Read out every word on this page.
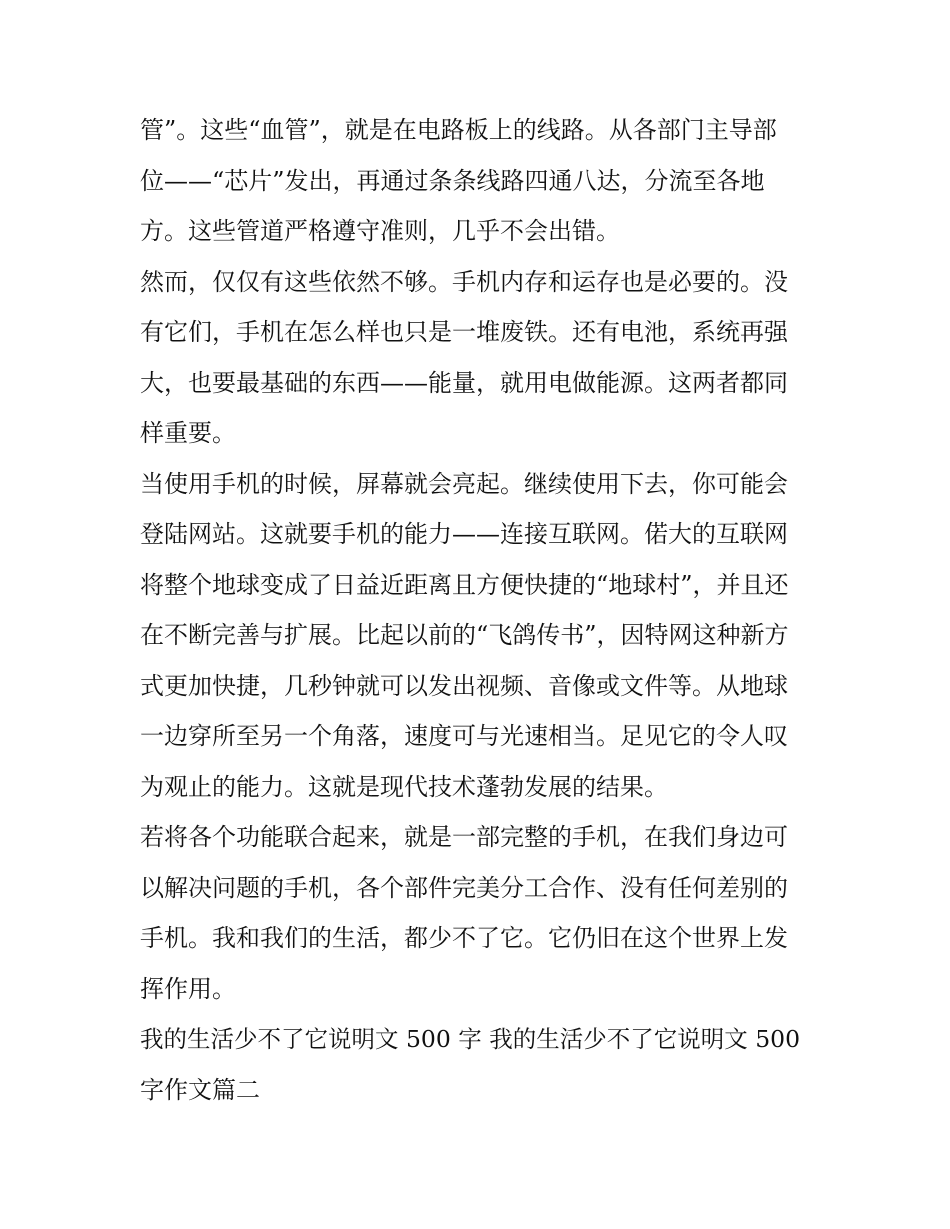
管”。这些“血管”，就是在电路板上的线路。从各部门主导部

位——“芯片”发出，再通过条条线路四通八达，分流至各地

方。这些管道严格遵守准则，几乎不会出错。

然而，仅仅有这些依然不够。手机内存和运存也是必要的。没

有它们，手机在怎么样也只是一堆废铁。还有电池，系统再强

大，也要最基础的东西——能量，就用电做能源。这两者都同

样重要。

当使用手机的时候，屏幕就会亮起。继续使用下去，你可能会

登陆网站。这就要手机的能力——连接互联网。偌大的互联网

将整个地球变成了日益近距离且方便快捷的“地球村”，并且还

在不断完善与扩展。比起以前的“飞鸽传书”，因特网这种新方

式更加快捷，几秒钟就可以发出视频、音像或文件等。从地球

一边穿所至另一个角落，速度可与光速相当。足见它的令人叹

为观止的能力。这就是现代技术蓬勃发展的结果。

若将各个功能联合起来，就是一部完整的手机，在我们身边可

以解决问题的手机，各个部件完美分工合作、没有任何差别的

手机。我和我们的生活，都少不了它。它仍旧在这个世界上发

挥作用。

我的生活少不了它说明文 500 字 我的生活少不了它说明文 500

字作文篇二
